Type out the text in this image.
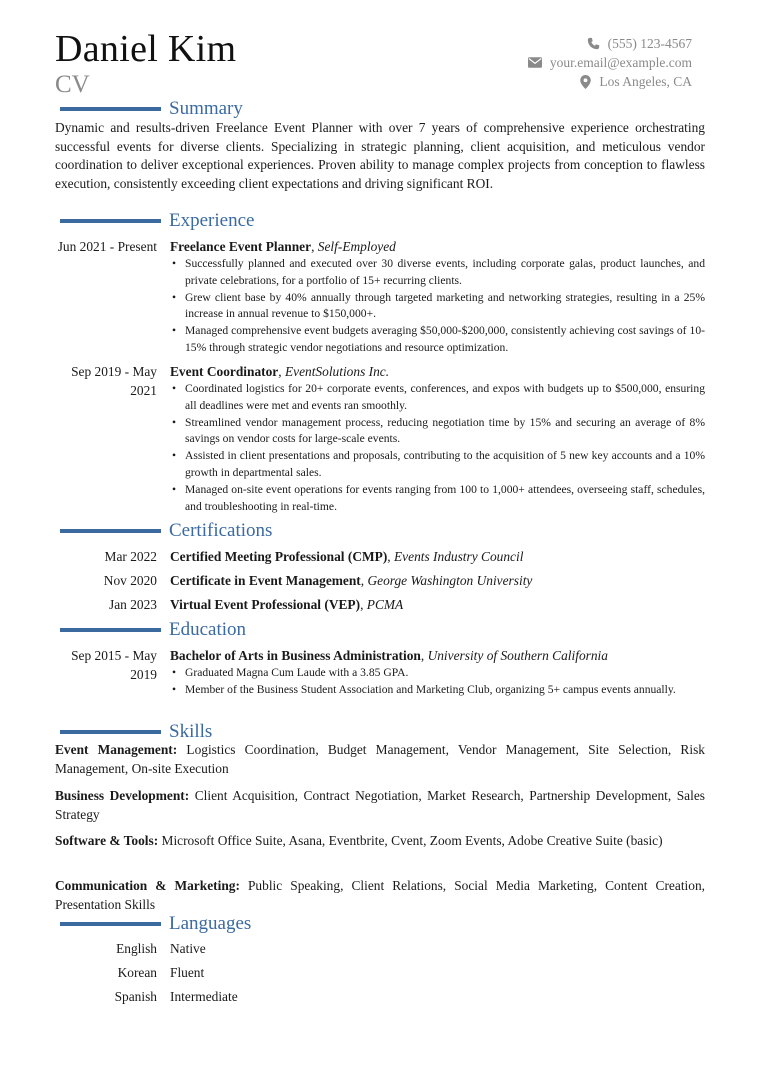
Daniel Kim
CV
(555) 123-4567
your.email@example.com
Los Angeles, CA
Summary
Dynamic and results-driven Freelance Event Planner with over 7 years of comprehensive experience orchestrating successful events for diverse clients. Specializing in strategic planning, client acquisition, and meticulous vendor coordination to deliver exceptional experiences. Proven ability to manage complex projects from conception to flawless execution, consistently exceeding client expectations and driving significant ROI.
Experience
Jun 2021 - Present Freelance Event Planner, Self-Employed
• Successfully planned and executed over 30 diverse events, including corporate galas, product launches, and private celebrations, for a portfolio of 15+ recurring clients.
• Grew client base by 40% annually through targeted marketing and networking strategies, resulting in a 25% increase in annual revenue to $150,000+.
• Managed comprehensive event budgets averaging $50,000-$200,000, consistently achieving cost savings of 10-15% through strategic vendor negotiations and resource optimization.
Sep 2019 - May 2021
Event Coordinator, EventSolutions Inc.
• Coordinated logistics for 20+ corporate events, conferences, and expos with budgets up to $500,000, ensuring all deadlines were met and events ran smoothly.
• Streamlined vendor management process, reducing negotiation time by 15% and securing an average of 8% savings on vendor costs for large-scale events.
• Assisted in client presentations and proposals, contributing to the acquisition of 5 new key accounts and a 10% growth in departmental sales.
• Managed on-site event operations for events ranging from 100 to 1,000+ attendees, overseeing staff, schedules, and troubleshooting in real-time.
Certifications
Mar 2022 Certified Meeting Professional (CMP), Events Industry Council
Nov 2020 Certificate in Event Management, George Washington University
Jan 2023 Virtual Event Professional (VEP), PCMA
Education
Sep 2015 - May 2019
Bachelor of Arts in Business Administration, University of Southern California
• Graduated Magna Cum Laude with a 3.85 GPA.
• Member of the Business Student Association and Marketing Club, organizing 5+ campus events annually.
Skills
Event Management: Logistics Coordination, Budget Management, Vendor Management, Site Selection, Risk Management, On-site Execution
Business Development: Client Acquisition, Contract Negotiation, Market Research, Partnership Development, Sales Strategy
Software & Tools: Microsoft Office Suite, Asana, Eventbrite, Cvent, Zoom Events, Adobe Creative Suite (basic)
Communication & Marketing: Public Speaking, Client Relations, Social Media Marketing, Content Creation, Presentation Skills
Languages
English Native
Korean Fluent
Spanish Intermediate
